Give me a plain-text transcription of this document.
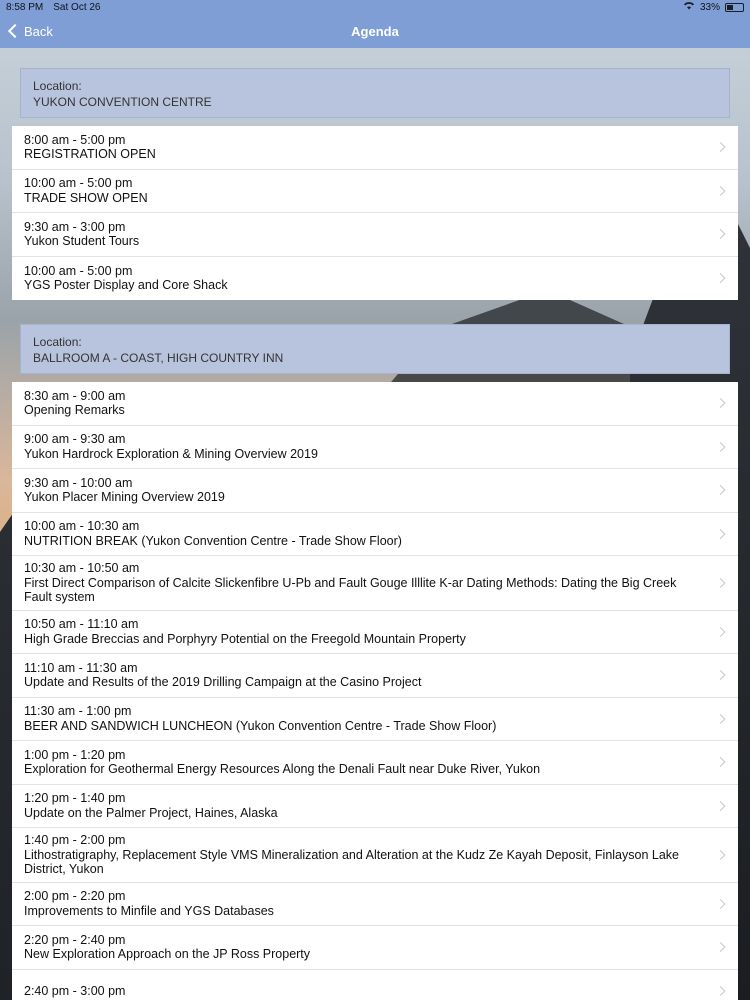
8:58 PM Sat Oct 26	33%
Back	Agenda
Location:
YUKON CONVENTION CENTRE
8:00 am - 5:00 pm
REGISTRATION OPEN
10:00 am - 5:00 pm
TRADE SHOW OPEN
9:30 am - 3:00 pm
Yukon Student Tours
10:00 am - 5:00 pm
YGS Poster Display and Core Shack
Location:
BALLROOM A - COAST, HIGH COUNTRY INN
8:30 am - 9:00 am
Opening Remarks
9:00 am - 9:30 am
Yukon Hardrock Exploration & Mining Overview 2019
9:30 am - 10:00 am
Yukon Placer Mining Overview 2019
10:00 am - 10:30 am
NUTRITION BREAK (Yukon Convention Centre - Trade Show Floor)
10:30 am - 10:50 am
First Direct Comparison of Calcite Slickenfibre U-Pb and Fault Gouge Illlite K-ar Dating Methods: Dating the Big Creek Fault system
10:50 am - 11:10 am
High Grade Breccias and Porphyry Potential on the Freegold Mountain Property
11:10 am - 11:30 am
Update and Results of the 2019 Drilling Campaign at the Casino Project
11:30 am - 1:00 pm
BEER AND SANDWICH LUNCHEON (Yukon Convention Centre - Trade Show Floor)
1:00 pm - 1:20 pm
Exploration for Geothermal Energy Resources Along the Denali Fault near Duke River, Yukon
1:20 pm - 1:40 pm
Update on the Palmer Project, Haines, Alaska
1:40 pm - 2:00 pm
Lithostratigraphy, Replacement Style VMS Mineralization and Alteration at the Kudz Ze Kayah Deposit, Finlayson Lake District, Yukon
2:00 pm - 2:20 pm
Improvements to Minfile and YGS Databases
2:20 pm - 2:40 pm
New Exploration Approach on the JP Ross Property
2:40 pm - 3:00 pm
